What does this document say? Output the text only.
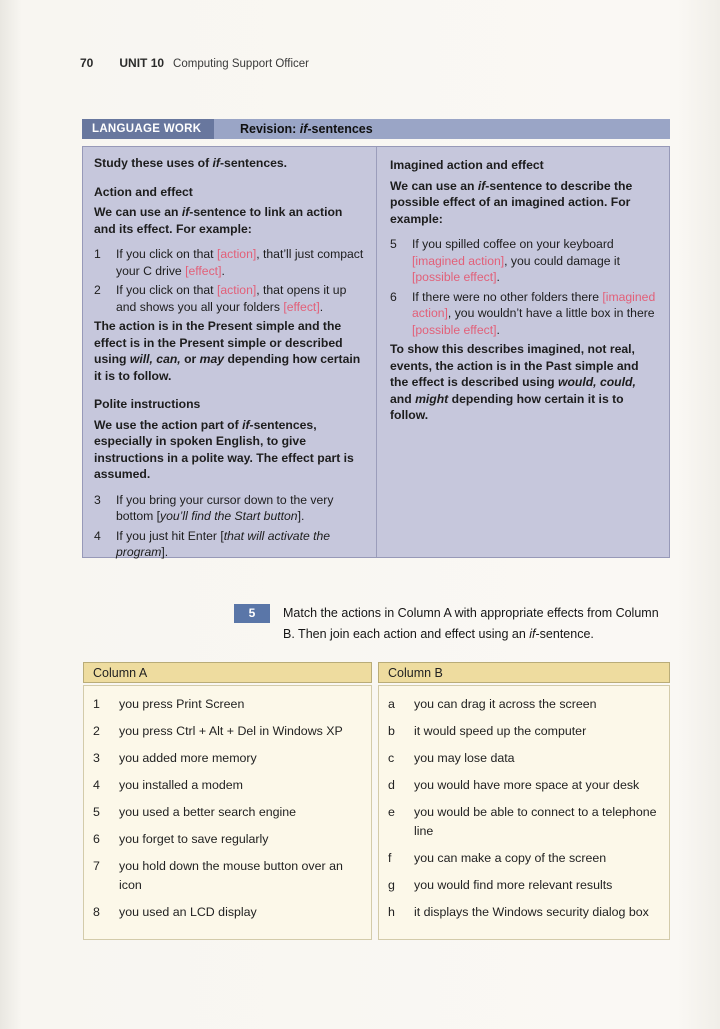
70 UNIT 10 Computing Support Officer
LANGUAGE WORK	Revision: if-sentences
Study these uses of if-sentences.
Action and effect
We can use an if-sentence to link an action and its effect. For example:
1	If you click on that [action], that’ll just compact your C drive [effect].
2	If you click on that [action], that opens it up and shows you all your folders [effect].
The action is in the Present simple and the effect is in the Present simple or described using will, can, or may depending how certain it is to follow.
Polite instructions
We use the action part of if-sentences, especially in spoken English, to give instructions in a polite way. The effect part is assumed.
3	If you bring your cursor down to the very bottom [you’ll find the Start button].
4	If you just hit Enter [that will activate the program].
Imagined action and effect
We can use an if-sentence to describe the possible effect of an imagined action. For example:
5	If you spilled coffee on your keyboard [imagined action], you could damage it [possible effect].
6	If there were no other folders there [imagined action], you wouldn’t have a little box in there [possible effect].
To show this describes imagined, not real, events, the action is in the Past simple and the effect is described using would, could, and might depending how certain it is to follow.
5	Match the actions in Column A with appropriate effects from Column B. Then join each action and effect using an if-sentence.
Column A
1	you press Print Screen
2	you press Ctrl + Alt + Del in Windows XP
3	you added more memory
4	you installed a modem
5	you used a better search engine
6	you forget to save regularly
7	you hold down the mouse button over an icon
8	you used an LCD display
Column B
a	you can drag it across the screen
b	it would speed up the computer
c	you may lose data
d	you would have more space at your desk
e	you would be able to connect to a telephone line
f	you can make a copy of the screen
g	you would find more relevant results
h	it displays the Windows security dialog box
